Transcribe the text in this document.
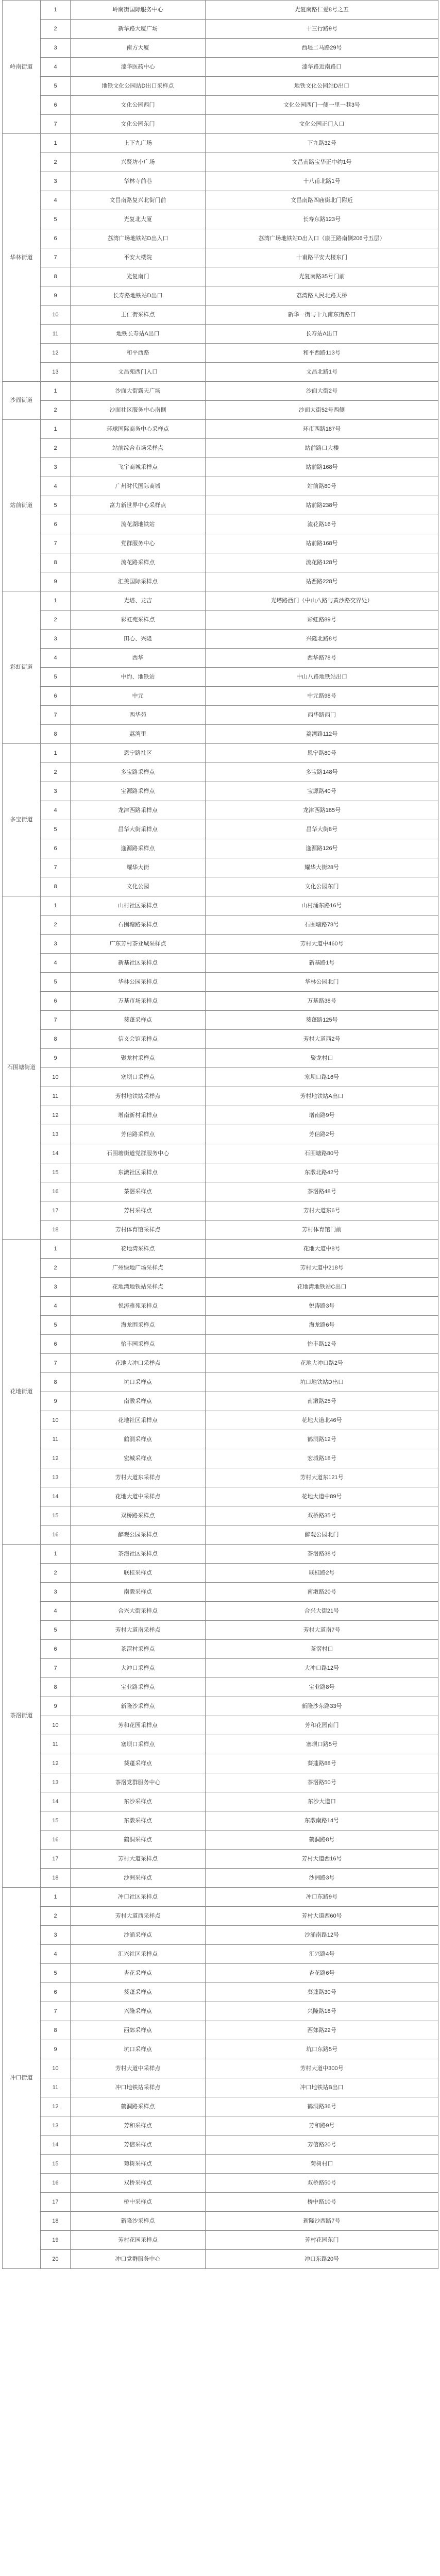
岭南街道	1	岭南街国际服务中心	光复南路仁爱8号之五
	2	新华路大厦广场	十三行路9号
	3	南方大厦	西堤二马路29号
	4	漆华医药中心	漆华路近南路口
	5	地铁文化公园站D出口采样点	地铁文化公园站D出口
	6	文化公园西门	文化公园西门一侧一里一巷3号
	7	文化公园东门	文化公园正门入口
华林街道	1	上下九广场	下九路32号
	2	兴贤坊小广场	文昌南路宝华正中约1号
	3	华林寺前巷	十八甫北路1号
	4	文昌南路复兴北街门前	文昌南路四庙街北门附近
	5	光复北大厦	长寿东路123号
	6	荔湾广场地铁站D出入口	荔湾广场地铁站D出入口（康王路南侧206号五层）
	7	平安大楼院	十甫路平安大楼东门
	8	光复南门	光复南路35号门前
	9	长寿路地铁站D出口	荔湾路人民北路天桥
	10	王仁街采样点	新华一街与十九甫东街路口
	11	地铁长寿站A出口	长寿站A出口
	12	和平西路	和平西路113号
	13	文昌苑西门入口	文昌北路1号
沙面街道	1	沙面大街露天广场	沙面大街2号
	2	沙面社区服务中心南侧	沙面大街52号西侧
站前街道	1	环球国际商务中心采样点	环市西路187号
	2	站前综合市场采样点	站前路口大楼
	3	飞宇商城采样点	站前路168号
	4	广州时代国际商城	站前路80号
	5	富力新世界中心采样点	站前路238号
	6	流花湖地铁站	流花路16号
	7	党群服务中心	站前路168号
	8	流花路采样点	流花路128号
	9	汇美国际采样点	站西路228号
彩虹街道	1	光塔、龙吉	光塔路西门（中山八路与黄沙路交界处）
	2	彩虹苑采样点	彩虹路89号
	3	田心、兴隆	兴隆北路8号
	4	西华	西华路78号
	5	中约、地铁站	中山八路地铁站出口
	6	中元	中元路98号
	7	西华苑	西华路西门
	8	荔湾里	荔湾路112号
多宝街道	1	恩宁路社区	恩宁路80号
	2	多宝路采样点	多宝路148号
	3	宝源路采样点	宝源路40号
	4	龙津西路采样点	龙津西路165号
	5	昌华大街采样点	昌华大街8号
	6	逢源路采样点	逢源路126号
	7	耀华大街	耀华大街28号
	8	文化公园	文化公园东门
石围塘街道	1	山村社区采样点	山村涌东路16号
	2	石围塘路采样点	石围塘路78号
	3	广东芳村茶业城采样点	芳村大道中460号
	4	新基社区采样点	新基路1号
	5	华林公园采样点	华林公园北门
	6	万基市场采样点	万基路38号
	7	葵蓬采样点	葵蓬路125号
	8	信义会馆采样点	芳村大道西2号
	9	聚龙村采样点	聚龙村口
	10	塞坝口采样点	塞坝口路16号
	11	芳村地铁站采样点	芳村地铁站A出口
	12	增南新村采样点	增南路9号
	13	芳信路采样点	芳信路2号
	14	石围塘街道党群服务中心	石围塘路80号
	15	东漖社区采样点	东漖北路42号
	16	茶滘采样点	茶滘路48号
	17	芳村采样点	芳村大道东6号
	18	芳村体育馆采样点	芳村体育馆门前
花地街道	1	花地湾采样点	花地大道中8号
	2	广州绿地广场采样点	芳村大道中218号
	3	花地湾地铁站采样点	花地湾地铁站C出口
	4	悦涛雅苑采样点	悦涛路3号
	5	海龙围采样点	海龙路6号
	6	怡丰园采样点	怡丰路12号
	7	花地大冲口采样点	花地大冲口路2号
	8	坑口采样点	坑口地铁站D出口
	9	南漖采样点	南漖路25号
	10	花地社区采样点	花地大道北46号
	11	鹤洞采样点	鹤洞路12号
	12	宏城采样点	宏城路18号
	13	芳村大道东采样点	芳村大道东121号
	14	花地大道中采样点	花地大道中89号
	15	双桥路采样点	双桥路35号
	16	醉观公园采样点	醉观公园北门
茶滘街道	1	茶滘社区采样点	茶滘路38号
	2	联桂采样点	联桂路2号
	3	南漖采样点	南漖路20号
	4	合兴大街采样点	合兴大街21号
	5	芳村大道南采样点	芳村大道南7号
	6	茶滘村采样点	茶滘村口
	7	大冲口采样点	大冲口路12号
	8	宝业路采样点	宝业路8号
	9	新隆沙采样点	新隆沙东路33号
	10	芳和花园采样点	芳和花园南门
	11	塞坝口采样点	塞坝口路5号
	12	葵蓬采样点	葵蓬路88号
	13	茶滘党群服务中心	茶滘路50号
	14	东沙采样点	东沙大道口
	15	东漖采样点	东漖南路14号
	16	鹤洞采样点	鹤洞路8号
	17	芳村大道采样点	芳村大道西16号
	18	沙洲采样点	沙洲路3号
冲口街道	1	冲口社区采样点	冲口东路9号
	2	芳村大道西采样点	芳村大道西60号
	3	沙涌采样点	沙涌南路12号
	4	汇兴社区采样点	汇兴路4号
	5	杏花采样点	杏花路6号
	6	葵蓬采样点	葵蓬路30号
	7	兴隆采样点	兴隆路18号
	8	西郊采样点	西郊路22号
	9	坑口采样点	坑口东路5号
	10	芳村大道中采样点	芳村大道中300号
	11	冲口地铁站采样点	冲口地铁站B出口
	12	鹤洞路采样点	鹤洞路36号
	13	芳和采样点	芳和路9号
	14	芳信采样点	芳信路20号
	15	菊树采样点	菊树村口
	16	双桥采样点	双桥路50号
	17	桥中采样点	桥中路10号
	18	新隆沙采样点	新隆沙西路7号
	19	芳村花园采样点	芳村花园东门
	20	冲口党群服务中心	冲口东路20号
